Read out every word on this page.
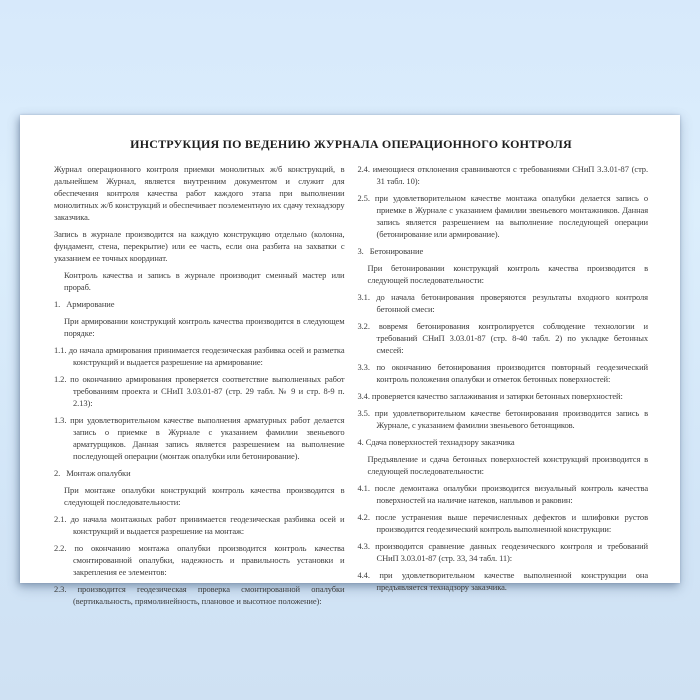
ИНСТРУКЦИЯ ПО ВЕДЕНИЮ ЖУРНАЛА ОПЕРАЦИОННОГО КОНТРОЛЯ

Журнал операционного контроля приемки монолитных ж/б конструкций, в дальнейшем Журнал, является внутренним документом и служит для обеспечения контроля качества работ каждого этапа при выполнении монолитных ж/б конструкций и обеспечивает поэлементную их сдачу технадзору заказчика.

Запись в журнале производится на каждую конструкцию отдельно (колонна, фундамент, стена, перекрытие) или ее часть, если она разбита на захватки с указанием ее точных координат.

Контроль качества и запись в журнале производит сменный мастер или прораб.

1.   Армирование

При армировании конструкций контроль качества производится в следующем порядке:

1.1. до начала армирования принимается геодезическая разбивка осей и разметка конструкций и выдается разрешение на армирование:

1.2. по окончанию армирования проверяется соответствие выполненных работ требованиям проекта и СНиП 3.03.01-87 (стр. 29 табл. № 9 и стр. 8-9 п. 2.13):

1.3. при удовлетворительном качестве выполнения арматурных работ делается запись о приемке в Журнале с указанием фамилии звеньевого арматурщиков. Данная запись является разрешением на выполнение последующей операции (монтаж опалубки или бетонирование).

2.   Монтаж опалубки

При монтаже опалубки конструкций контроль качества производится в следующей последовательности:

2.1. до начала монтажных работ принимается геодезическая разбивка осей и конструкций и выдается разрешение на монтаж:

2.2. по окончанию монтажа опалубки производится контроль качества смонтированной опалубки, надежность и правильность установки и закрепления ее элементов:

2.3. производится геодезическая проверка смонтированной опалубки (вертикальность, прямолинейность, плановое и высотное положение):

2.4. имеющиеся отклонения сравниваются с требованиями СНиП 3.3.01-87 (стр. 31 табл. 10):

2.5. при удовлетворительном качестве монтажа опалубки делается запись о приемке в Журнале с указанием фамилии звеньевого монтажников. Данная запись является разрешением на выполнение последующей операции (бетонирование или армирование).

3.   Бетонирование

При бетонировании конструкций контроль качества производится в следующей последовательности:

3.1. до начала бетонирования проверяются результаты входного контроля бетонной смеси:

3.2. вовремя бетонирования контролируется соблюдение технологии и требований СНиП 3.03.01-87 (стр. 8-40 табл. 2) по укладке бетонных смесей:

3.3. по окончанию бетонирования производится повторный геодезический контроль положения опалубки и отметок бетонных поверхностей:

3.4. проверяется качество заглаживания и затирки бетонных поверхностей:

3.5. при удовлетворительном качестве бетонирования производится запись в Журнале, с указанием фамилии звеньевого бетонщиков.

4. Сдача поверхностей технадзору заказчика

Предъявление и сдача бетонных поверхностей конструкций производится в следующей последовательности:

4.1. после демонтажа опалубки производится визуальный контроль качества поверхностей на наличие натеков, наплывов и раковин:

4.2. после устранения выше перечисленных дефектов и шлифовки рустов производится геодезический контроль выполненной конструкции:

4.3. производится сравнение данных геодезического контроля и требований СНиП 3.03.01-87 (стр. 33, 34 табл. 11):

4.4. при удовлетворительном качестве выполненной конструкции она предъявляется технадзору заказчика.
